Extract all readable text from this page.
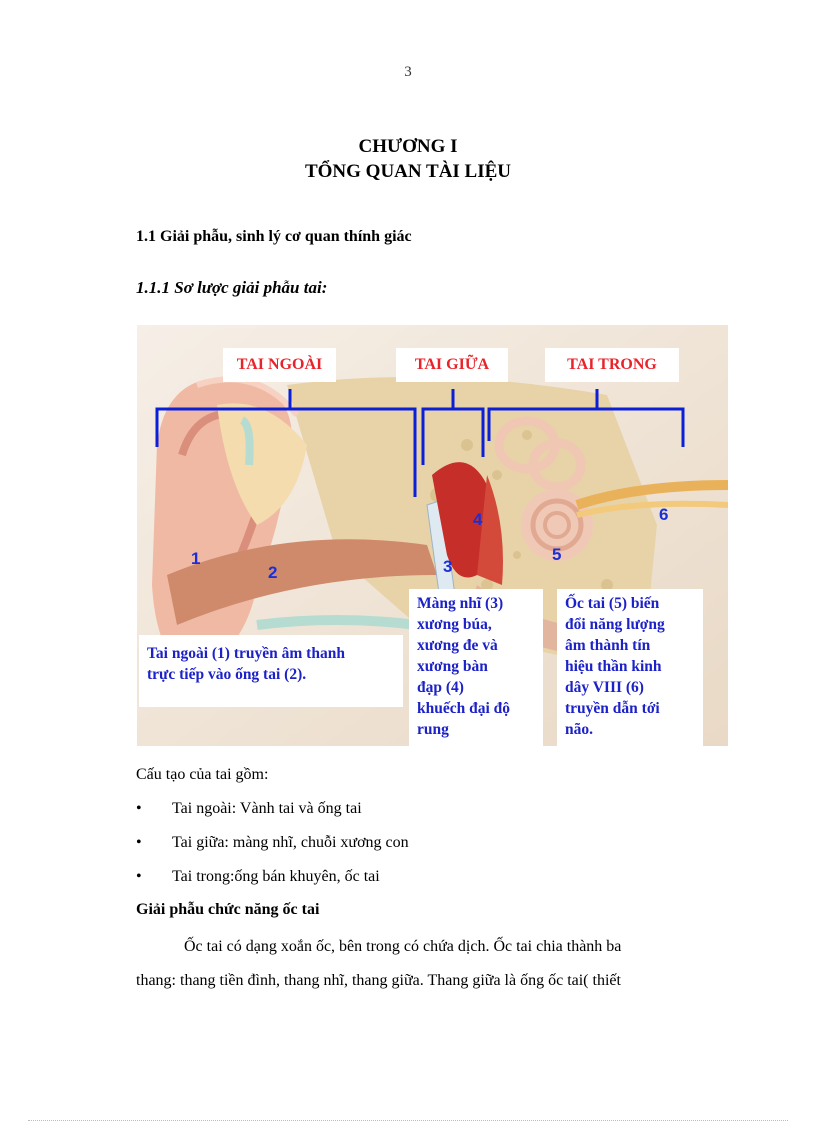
3
CHƯƠNG I
TỔNG QUAN TÀI LIỆU
1.1 Giải phẫu, sinh lý cơ quan thính giác
1.1.1 Sơ lược giải phẫu tai:
TAI NGOÀI	TAI GIỮA	TAI TRONG
1
2	3
4
5
6
Tai ngoài (1) truyền âm thanh
trực tiếp vào ống tai (2).
Màng nhĩ (3)
xương búa,
xương đe và
xương bàn
đạp (4)
khuếch đại độ
rung
Ốc tai (5) biến
đổi năng lượng
âm thành tín
hiệu thần kinh
dây VIII (6)
truyền dẫn tới
não.
Cấu tạo của tai gồm:
• Tai ngoài: Vành tai và ống tai
• Tai giữa: màng nhĩ, chuỗi xương con
• Tai trong:ống bán khuyên, ốc tai
Giải phẫu chức năng ốc tai
Ốc tai có dạng xoắn ốc, bên trong có chứa dịch. Ốc tai chia thành ba
thang: thang tiền đình, thang nhĩ, thang giữa. Thang giữa là ống ốc tai( thiết
